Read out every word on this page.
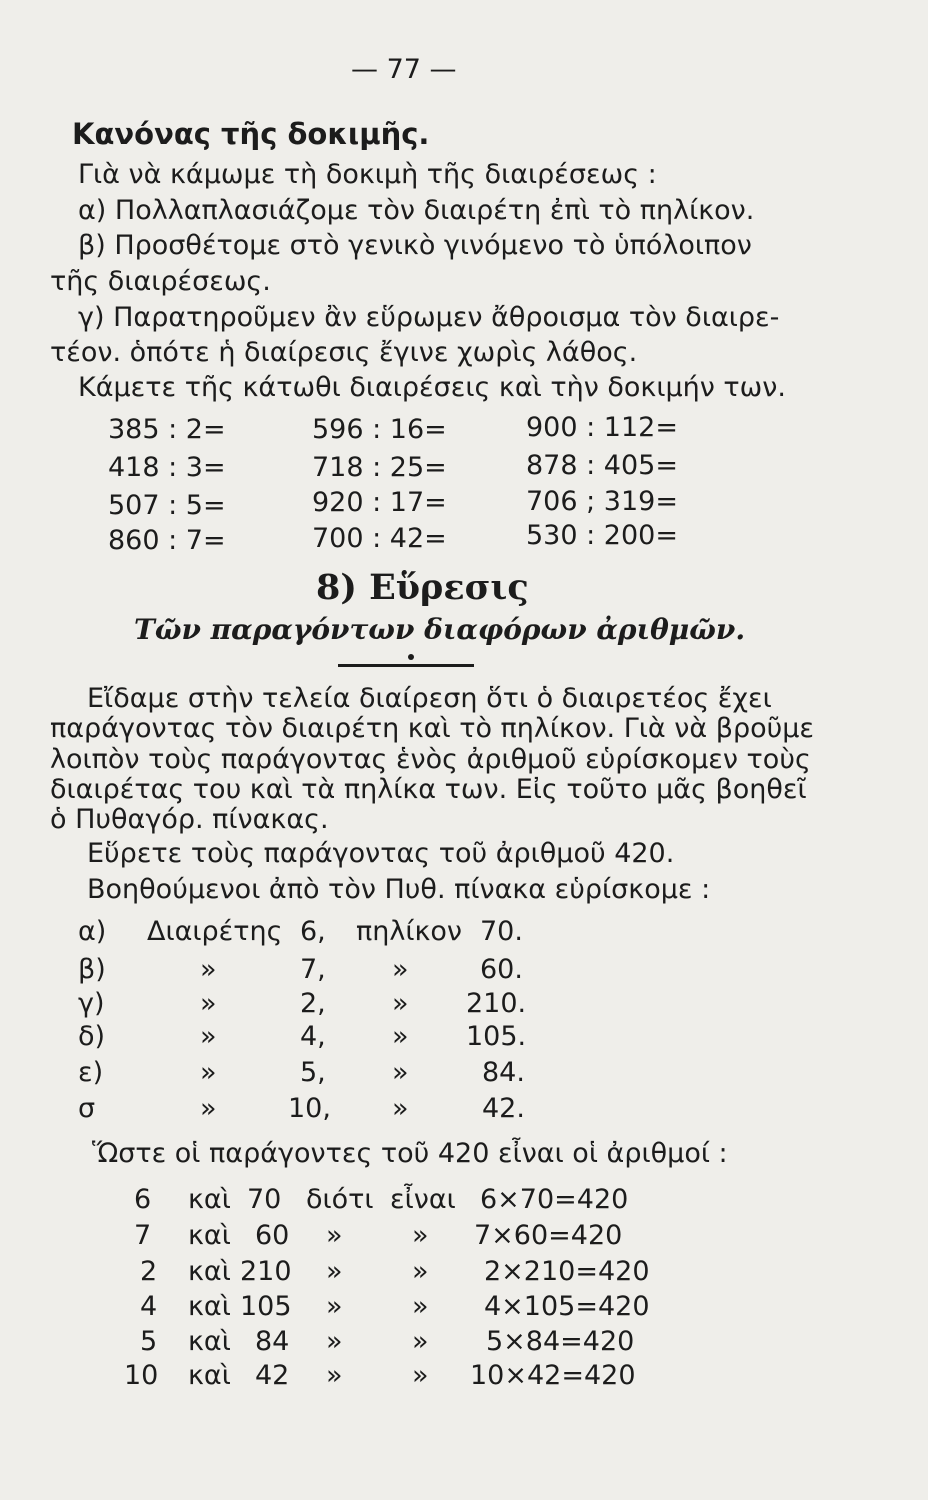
— 77 —
Κανόνας τῆς δοκιμῆς.
Γιὰ νὰ κάμωμε τὴ δοκιμὴ τῆς διαιρέσεως :
α) Πολλαπλασιάζομε τὸν διαιρέτη ἐπὶ τὸ πηλίκον.
β) Προσθέτομε στὸ γενικὸ γινόμενο τὸ ὑπόλοιπον
τῆς διαιρέσεως.
γ) Παρατηροῦμεν ἂν εὕρωμεν ἄθροισμα τὸν διαιρε-
τέον. ὁπότε ἡ διαίρεσις ἔγινε χωρὶς λάθος.
Κάμετε τῆς κάτωθι διαιρέσεις καὶ τὴν δοκιμήν των.
385 : 2=	596 : 16=	900 : 112=
418 : 3=	718 : 25=	878 : 405=
507 : 5=	920 : 17=	706 ; 319=
860 : 7=	700 : 42=	530 : 200=
8) Εὕρεσις
Τῶν παραγόντων διαφόρων ἀριθμῶν.
Εἴδαμε στὴν τελεία διαίρεση ὅτι ὁ διαιρετέος ἔχει
παράγοντας τὸν διαιρέτη καὶ τὸ πηλίκον. Γιὰ νὰ βροῦμε
λοιπὸν τοὺς παράγοντας ἑνὸς ἀριθμοῦ εὑρίσκομεν τοὺς
διαιρέτας του καὶ τὰ πηλίκα των. Εἰς τοῦτο μᾶς βοηθεῖ
ὁ Πυθαγόρ. πίνακας.
Εὕρετε τοὺς παράγοντας τοῦ ἀριθμοῦ 420.
Βοηθούμενοι ἀπὸ τὸν Πυθ. πίνακα εὑρίσκομε :
α) Διαιρέτης 6, πηλίκον 70.
β)	»	7, »	60.
γ)	»	2, » 210.
δ)	»	4, » 105.
ε)	»	5, »	84.
σ	»	10, »	42.
Ὥστε οἱ παράγοντες τοῦ 420 εἶναι οἱ ἀριθμοί :
6 καὶ 70 διότι εἶναι 6×70=420
7 καὶ 60 »	» 7×60=420
2 καὶ 210 »	» 2×210=420
4 καὶ 105 »	» 4×105=420
5 καὶ 84 »	» 5×84=420
10 καὶ 42 »	» 10×42=420
